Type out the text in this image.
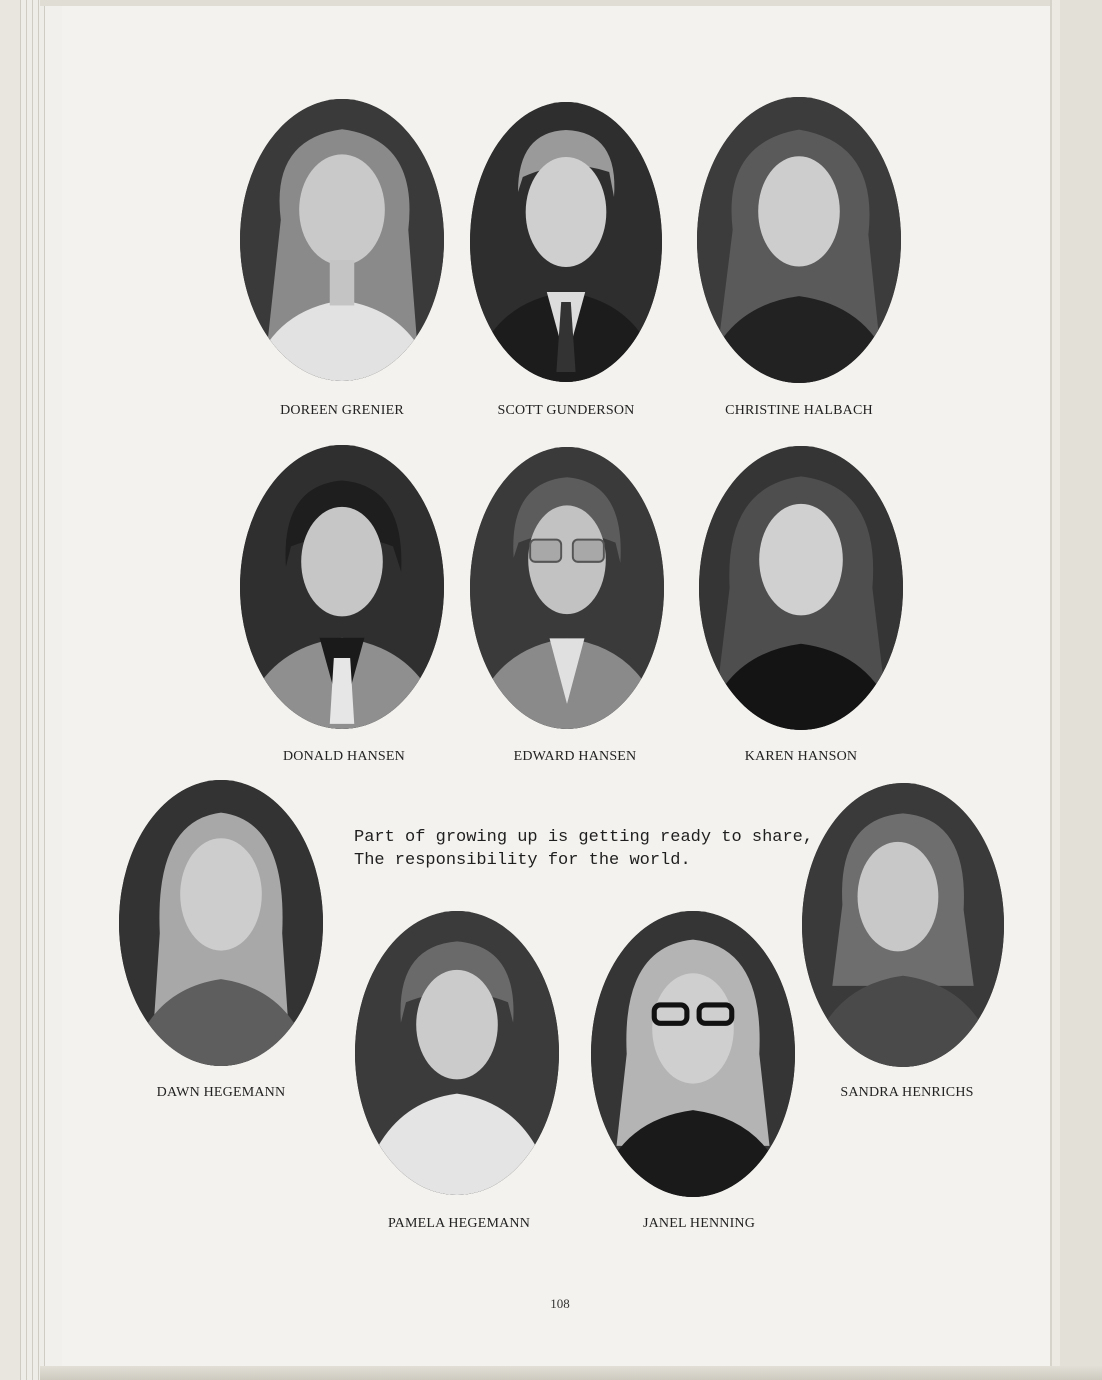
DOREEN GRENIER	SCOTT GUNDERSON	CHRISTINE HALBACH
DONALD HANSEN	EDWARD HANSEN	KAREN HANSON
Part of growing up is getting ready to share,
The responsibility for the world.
DAWN HEGEMANN
PAMELA HEGEMANN	JANEL HENNING
SANDRA HENRICHS
108
